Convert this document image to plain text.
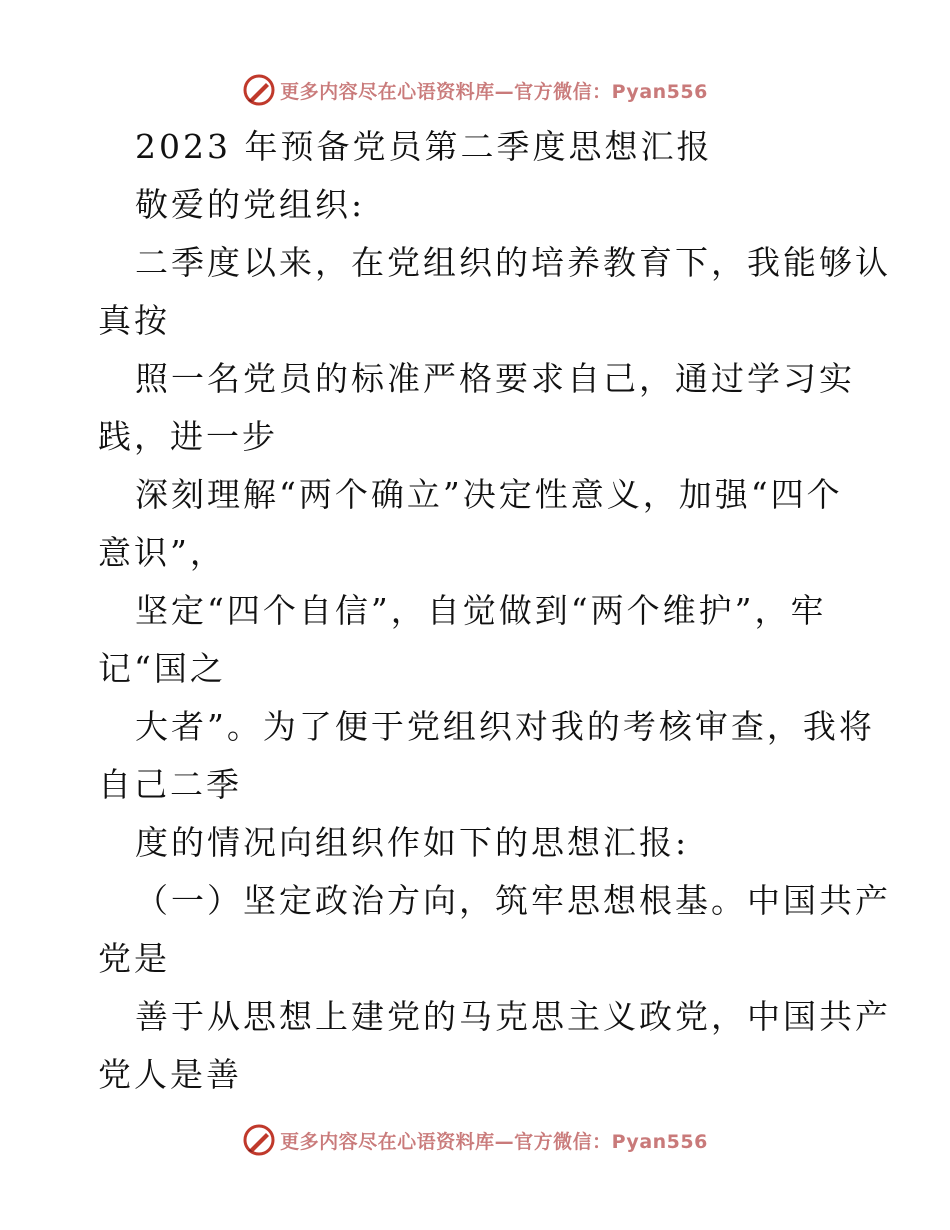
更多内容尽在心语资料库—官方微信：Pyan556
2023 年预备党员第二季度思想汇报
敬爱的党组织:
二季度以来，在党组织的培养教育下，我能够认
真按
照一名党员的标准严格要求自己，通过学习实
践，进一步
深刻理解“两个确立”决定性意义，加强“四个
意识”，
坚定“四个自信”，自觉做到“两个维护”，牢
记“国之
大者”。为了便于党组织对我的考核审查，我将
自己二季
度的情况向组织作如下的思想汇报:
（一）坚定政治方向，筑牢思想根基。中国共产
党是
善于从思想上建党的马克思主义政党，中国共产
党人是善
更多内容尽在心语资料库—官方微信：Pyan556
